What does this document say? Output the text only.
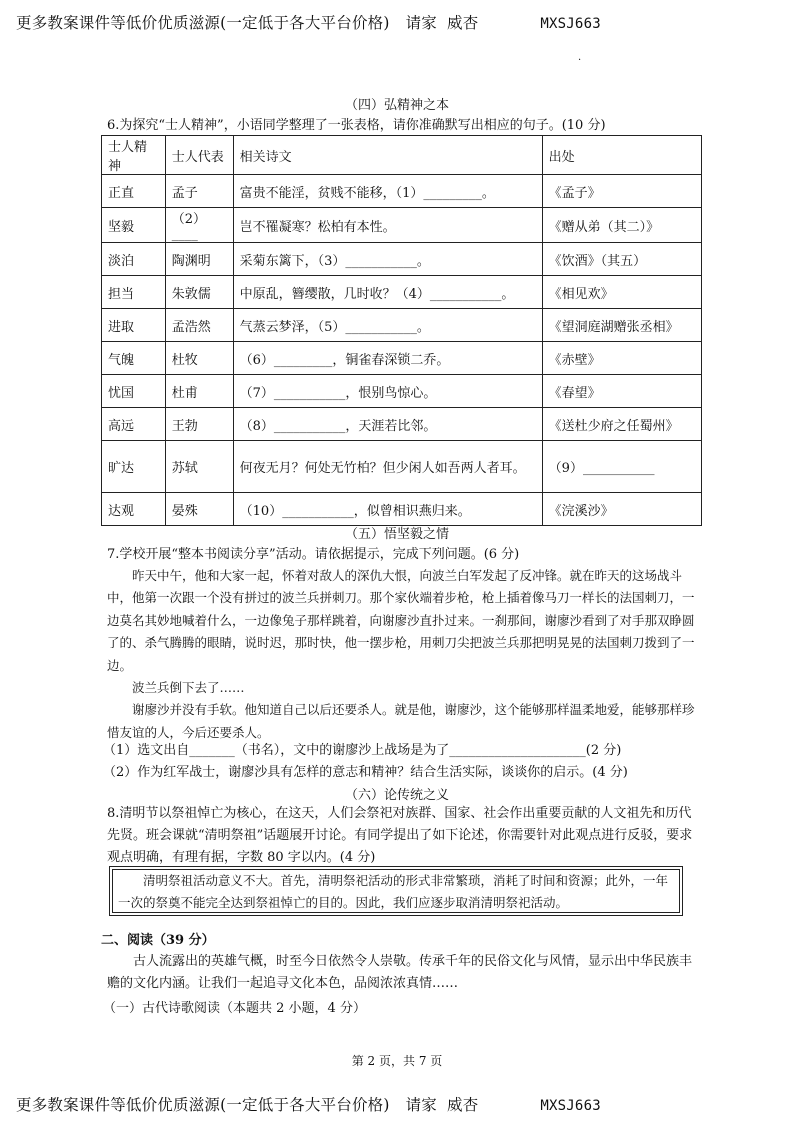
更多教案课件等低价优质滋源(一定低于各大平台价格) 请家 威杏	MXSJ663
.
（四）弘精神之本
6.为探究“士人精神”，小语同学整理了一张表格，请你准确默写出相应的句子。(10 分)
士人精神	士人代表	相关诗文	出处
正直	孟子	富贵不能淫，贫贱不能移，（1）_________。	《孟子》
坚毅	（2）____	岂不罹凝寒？松柏有本性。	《赠从弟（其二）》
淡泊	陶渊明	采菊东篱下，（3）___________。	《饮酒》（其五）
担当	朱敦儒	中原乱，簪缨散，几时收？（4）___________。	《相见欢》
进取	孟浩然	气蒸云梦泽，（5）___________。	《望洞庭湖赠张丞相》
气魄	杜牧	（6）_________，铜雀春深锁二乔。	《赤壁》
忧国	杜甫	（7）___________，恨别鸟惊心。	《春望》
高远	王勃	（8）___________，天涯若比邻。	《送杜少府之任蜀州》
旷达	苏轼	何夜无月？何处无竹柏？但少闲人如吾两人者耳。	（9）___________
达观	晏殊	（10）___________，似曾相识燕归来。	《浣溪沙》
（五）悟坚毅之情
7.学校开展“整本书阅读分享”活动。请依据提示，完成下列问题。(6 分)

昨天中午，他和大家一起，怀着对敌人的深仇大恨，向波兰白军发起了反冲锋。就在昨天的这场战斗中，他第一次跟一个没有拼过的波兰兵拼刺刀。那个家伙端着步枪，枪上插着像马刀一样长的法国刺刀，一边莫名其妙地喊着什么，一边像兔子那样跳着，向谢廖沙直扑过来。一刹那间，谢廖沙看到了对手那双睁圆了的、杀气腾腾的眼睛，说时迟，那时快，他一摆步枪，用刺刀尖把波兰兵那把明晃晃的法国刺刀拨到了一边。

波兰兵倒下去了……

谢廖沙并没有手软。他知道自己以后还要杀人。就是他，谢廖沙，这个能够那样温柔地爱，能够那样珍惜友谊的人，今后还要杀人。

（1）选文出自_______（书名），文中的谢廖沙上战场是为了_____________________(2 分)
（2）作为红军战士，谢廖沙具有怎样的意志和精神？结合生活实际，谈谈你的启示。(4 分)
（六）论传统之义
8.清明节以祭祖悼亡为核心，在这天，人们会祭祀对族群、国家、社会作出重要贡献的人文祖先和历代先贤。班会课就“清明祭祖”话题展开讨论。有同学提出了如下论述，你需要针对此观点进行反驳，要求观点明确，有理有据，字数 80 字以内。(4 分)

清明祭祖活动意义不大。首先，清明祭祀活动的形式非常繁琐，消耗了时间和资源；此外，一年一次的祭奠不能完全达到祭祖悼亡的目的。因此，我们应逐步取消清明祭祀活动。

二、阅读（39 分）

古人流露出的英雄气概，时至今日依然令人崇敬。传承千年的民俗文化与风情，显示出中华民族丰赡的文化内涵。让我们一起追寻文化本色，品阅浓浓真情……

（一）古代诗歌阅读（本题共 2 小题，4 分）
第 2 页，共 7 页
更多教案课件等低价优质滋源(一定低于各大平台价格) 请家 威杏	MXSJ663
